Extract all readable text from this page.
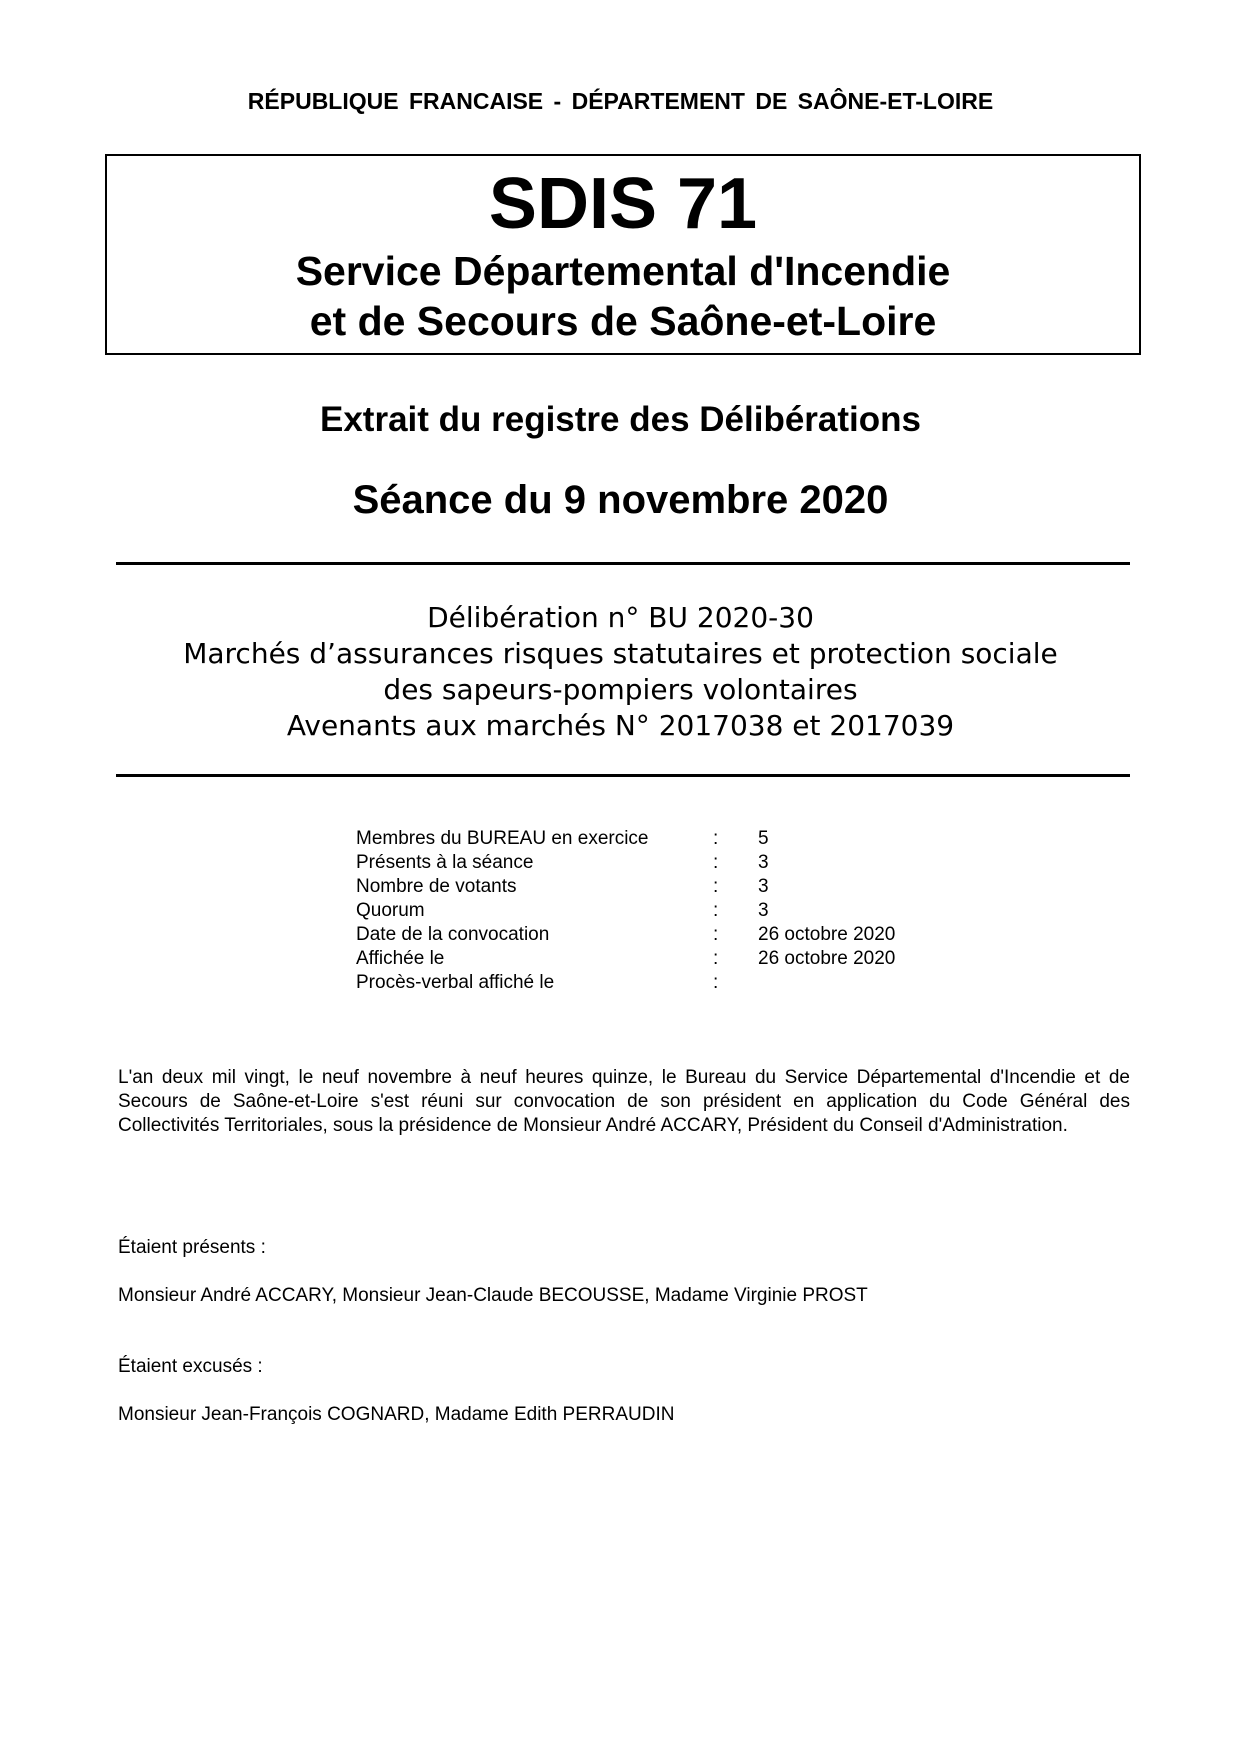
RÉPUBLIQUE FRANCAISE - DÉPARTEMENT DE SAÔNE-ET-LOIRE
SDIS 71
Service Départemental d'Incendie
et de Secours de Saône-et-Loire
Extrait du registre des Délibérations
Séance du 9 novembre 2020
Délibération n° BU 2020-30
Marchés d’assurances risques statutaires et protection sociale
des sapeurs-pompiers volontaires
Avenants aux marchés N° 2017038 et 2017039
Membres du BUREAU en exercice	: 5
Présents à la séance	: 3
Nombre de votants	: 3
Quorum	: 3
Date de la convocation	: 26 octobre 2020
Affichée le	: 26 octobre 2020
Procès-verbal affiché le	:
L'an deux mil vingt, le neuf novembre à neuf heures quinze, le Bureau du Service Départemental d'Incendie et de Secours de Saône-et-Loire s'est réuni sur convocation de son président en application du Code Général des Collectivités Territoriales, sous la présidence de Monsieur André ACCARY, Président du Conseil d'Administration.
Étaient présents :
Monsieur André ACCARY, Monsieur Jean-Claude BECOUSSE, Madame Virginie PROST
Étaient excusés :
Monsieur Jean-François COGNARD, Madame Edith PERRAUDIN
